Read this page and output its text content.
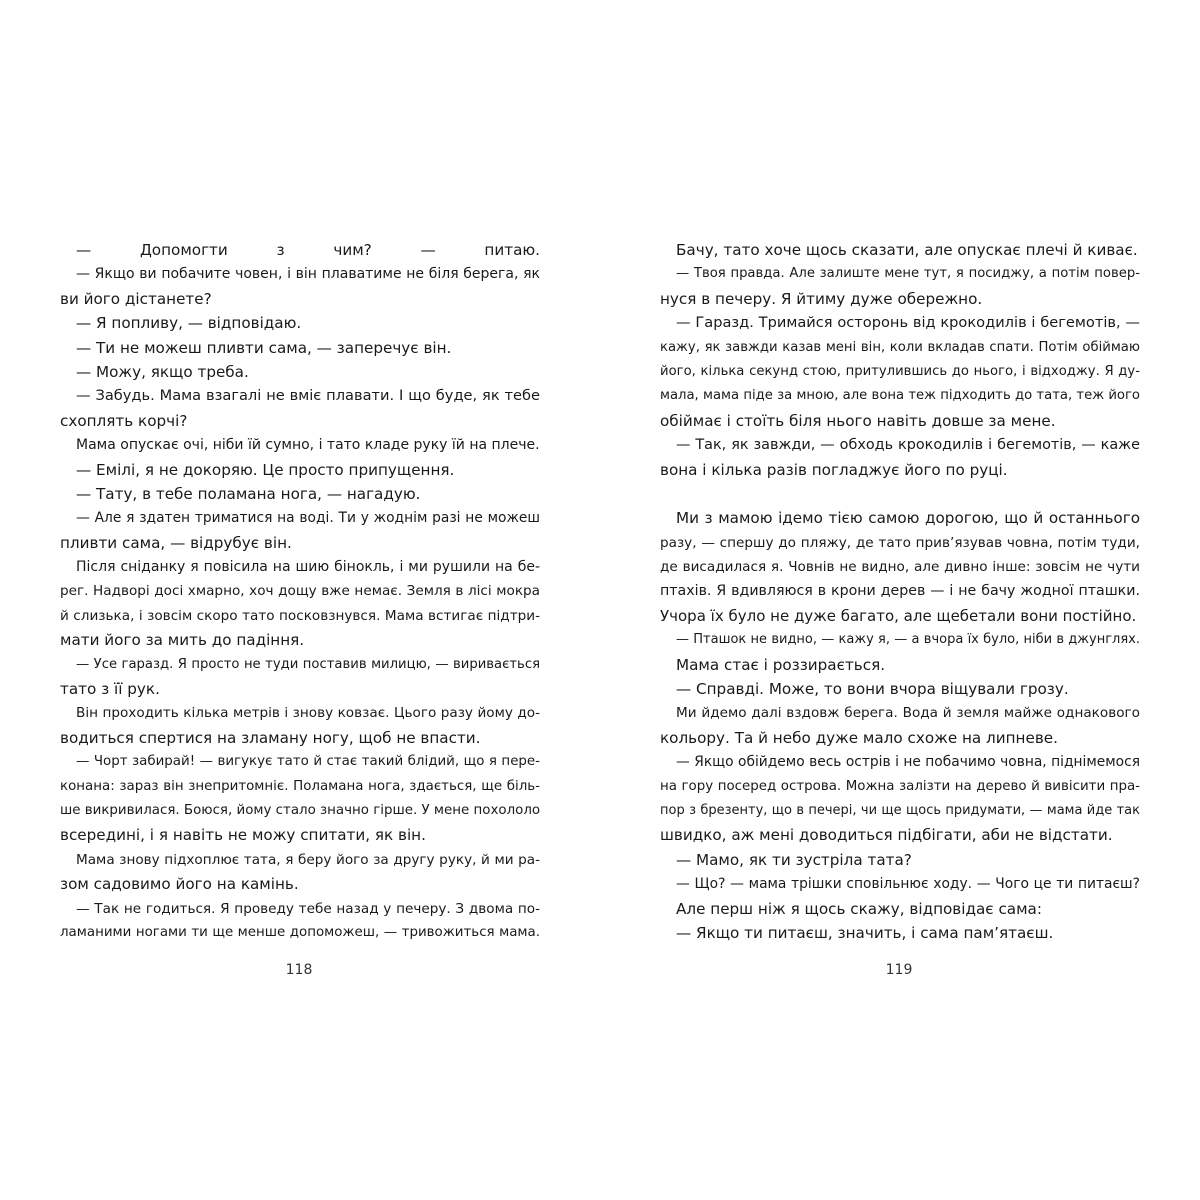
— Допомогти з чим? — питаю.
— Якщо ви побачите човен, і він плаватиме не біля берега, як
ви його дістанете?
— Я попливу, — відповідаю.
— Ти не можеш пливти сама, — заперечує він.
— Можу, якщо треба.
— Забудь. Мама взагалі не вміє плавати. І що буде, як тебе
схоплять корчі?
Мама опускає очі, ніби їй сумно, і тато кладе руку їй на плече.
— Емілі, я не докоряю. Це просто припущення.
— Тату, в тебе поламана нога, — нагадую.
— Але я здатен триматися на воді. Ти у жоднім разі не можеш
пливти сама, — відрубує він.
Після сніданку я повісила на шию бінокль, і ми рушили на бе-
рег. Надворі досі хмарно, хоч дощу вже немає. Земля в лісі мокра
й слизька, і зовсім скоро тато посковзнувся. Мама встигає підтри-
мати його за мить до падіння.
— Усе гаразд. Я просто не туди поставив милицю, — виривається
тато з її рук.
Він проходить кілька метрів і знову ковзає. Цього разу йому до-
водиться спертися на зламану ногу, щоб не впасти.
— Чорт забирай! — вигукує тато й стає такий блідий, що я пере-
конана: зараз він знепритомніє. Поламана нога, здається, ще біль-
ше викривилася. Боюся, йому стало значно гірше. У мене похололо
всередині, і я навіть не можу спитати, як він.
Мама знову підхоплює тата, я беру його за другу руку, й ми ра-
зом садовимо його на камінь.
— Так не годиться. Я проведу тебе назад у печеру. З двома по-
ламаними ногами ти ще менше допоможеш, — тривожиться мама.
Бачу, тато хоче щось сказати, але опускає плечі й киває.
— Твоя правда. Але залиште мене тут, я посиджу, а потім повер-
нуся в печеру. Я йтиму дуже обережно.
— Гаразд. Тримайся осторонь від крокодилів і бегемотів, —
кажу, як завжди казав мені він, коли вкладав спати. Потім обіймаю
його, кілька секунд стою, притулившись до нього, і відходжу. Я ду-
мала, мама піде за мною, але вона теж підходить до тата, теж його
обіймає і стоїть біля нього навіть довше за мене.
— Так, як завжди, — обходь крокодилів і бегемотів, — каже
вона і кілька разів погладжує його по руці.
Ми з мамою ідемо тією самою дорогою, що й останнього
разу, — спершу до пляжу, де тато прив’язував човна, потім туди,
де висадилася я. Човнів не видно, але дивно інше: зовсім не чути
птахів. Я вдивляюся в крони дерев — і не бачу жодної пташки.
Учора їх було не дуже багато, але щебетали вони постійно.
— Пташок не видно, — кажу я, — а вчора їх було, ніби в джунглях.
Мама стає і роззирається.
— Справді. Може, то вони вчора віщували грозу.
Ми йдемо далі вздовж берега. Вода й земля майже однакового
кольору. Та й небо дуже мало схоже на липневе.
— Якщо обійдемо весь острів і не побачимо човна, піднімемося
на гору посеред острова. Можна залізти на дерево й вивісити пра-
пор з брезенту, що в печері, чи ще щось придумати, — мама йде так
швидко, аж мені доводиться підбігати, аби не відстати.
— Мамо, як ти зустріла тата?
— Що? — мама трішки сповільнює ходу. — Чого це ти питаєш?
Але перш ніж я щось скажу, відповідає сама:
— Якщо ти питаєш, значить, і сама пам’ятаєш.
118	119
